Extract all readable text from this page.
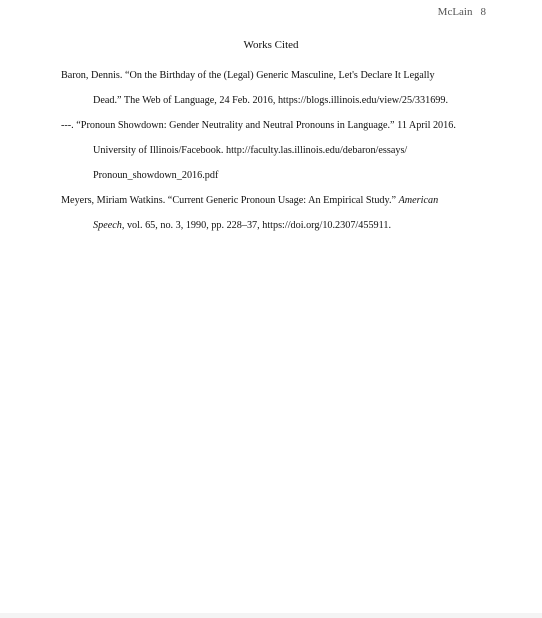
McLain 8
Works Cited
Baron, Dennis. “On the Birthday of the (Legal) Generic Masculine, Let's Declare It Legally
Dead.” The Web of Language, 24 Feb. 2016, https://blogs.illinois.edu/view/25/331699.
---. “Pronoun Showdown: Gender Neutrality and Neutral Pronouns in Language.” 11 April 2016.
University of Illinois/Facebook. http://faculty.las.illinois.edu/debaron/essays/
Pronoun_showdown_2016.pdf
Meyers, Miriam Watkins. “Current Generic Pronoun Usage: An Empirical Study.” American
Speech, vol. 65, no. 3, 1990, pp. 228–37, https://doi.org/10.2307/455911.
